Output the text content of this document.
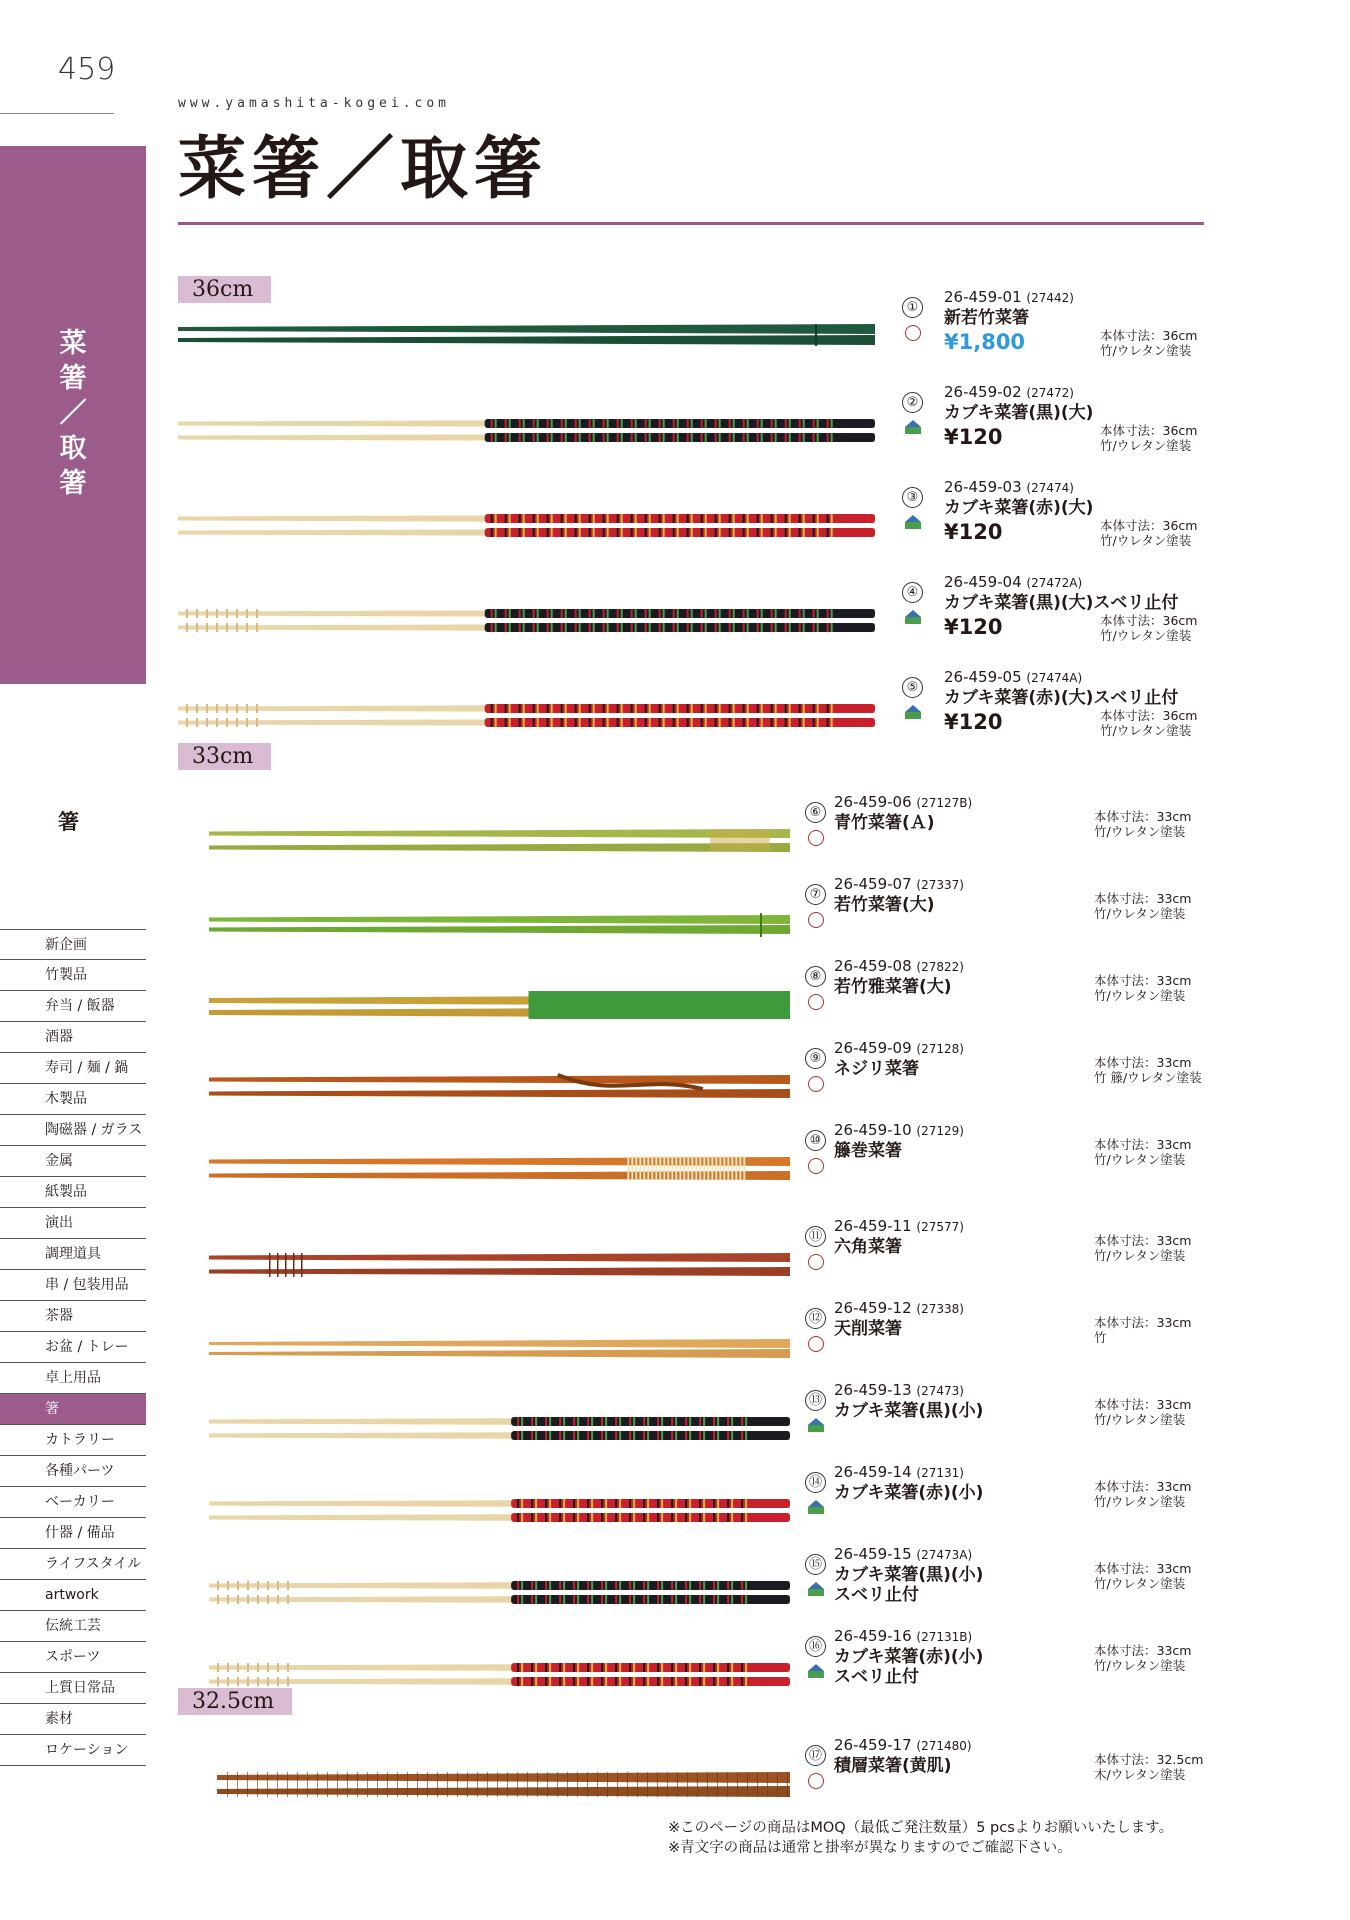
459
www.yamashita-kogei.com
菜箸／取箸
菜
箸
／
取
箸
箸
新企画
竹製品
弁当 / 飯器
酒器
寿司 / 麺 / 鍋
木製品
陶磁器 / ガラス
金属
紙製品
演出
調理道具
串 / 包装用品
茶器
お盆 / トレー
卓上用品
箸
カトラリー
各種パーツ
ベーカリー
什器 / 備品
ライフスタイル
artwork
伝統工芸
スポーツ
上質日常品
素材
ロケーション
36cm
33cm
32.5cm
①
26-459-01 (27442)
新若竹菜箸
¥1,800	本体寸法：36cm
竹/ウレタン塗装
②
26-459-02 (27472)
カブキ菜箸(黒)(大)
¥120	本体寸法：36cm
竹/ウレタン塗装
③
26-459-03 (27474)
カブキ菜箸(赤)(大)
¥120	本体寸法：36cm
竹/ウレタン塗装
④
26-459-04 (27472A)
カブキ菜箸(黒)(大)スベリ止付
¥120	本体寸法：36cm
竹/ウレタン塗装
⑤
26-459-05 (27474A)
カブキ菜箸(赤)(大)スベリ止付
¥120	本体寸法：36cm
竹/ウレタン塗装
⑥
26-459-06 (27127B)
青竹菜箸(Ａ)	本体寸法：33cm
竹/ウレタン塗装
⑦
26-459-07 (27337)
若竹菜箸(大)	本体寸法：33cm
竹/ウレタン塗装
⑧
26-459-08 (27822)
若竹雅菜箸(大)	本体寸法：33cm
竹/ウレタン塗装
⑨
26-459-09 (27128)
ネジリ菜箸	本体寸法：33cm
竹 籐/ウレタン塗装
⑩
26-459-10 (27129)
籐巻菜箸	本体寸法：33cm
竹/ウレタン塗装
⑪
26-459-11 (27577)
六角菜箸	本体寸法：33cm
竹/ウレタン塗装
⑫
26-459-12 (27338)
天削菜箸	本体寸法：33cm
竹
⑬
26-459-13 (27473)
カブキ菜箸(黒)(小)	本体寸法：33cm
竹/ウレタン塗装
⑭
26-459-14 (27131)
カブキ菜箸(赤)(小)	本体寸法：33cm
竹/ウレタン塗装
⑮
26-459-15 (27473A)
カブキ菜箸(黒)(小)
スベリ止付
本体寸法：33cm
竹/ウレタン塗装
⑯
26-459-16 (27131B)
カブキ菜箸(赤)(小)
スベリ止付
本体寸法：33cm
竹/ウレタン塗装
⑰
26-459-17 (271480)
積層菜箸(黄肌)	本体寸法：32.5cm
木/ウレタン塗装
※このページの商品はMOQ（最低ご発注数量）5 pcsよりお願いいたします。
※青文字の商品は通常と掛率が異なりますのでご確認下さい。
